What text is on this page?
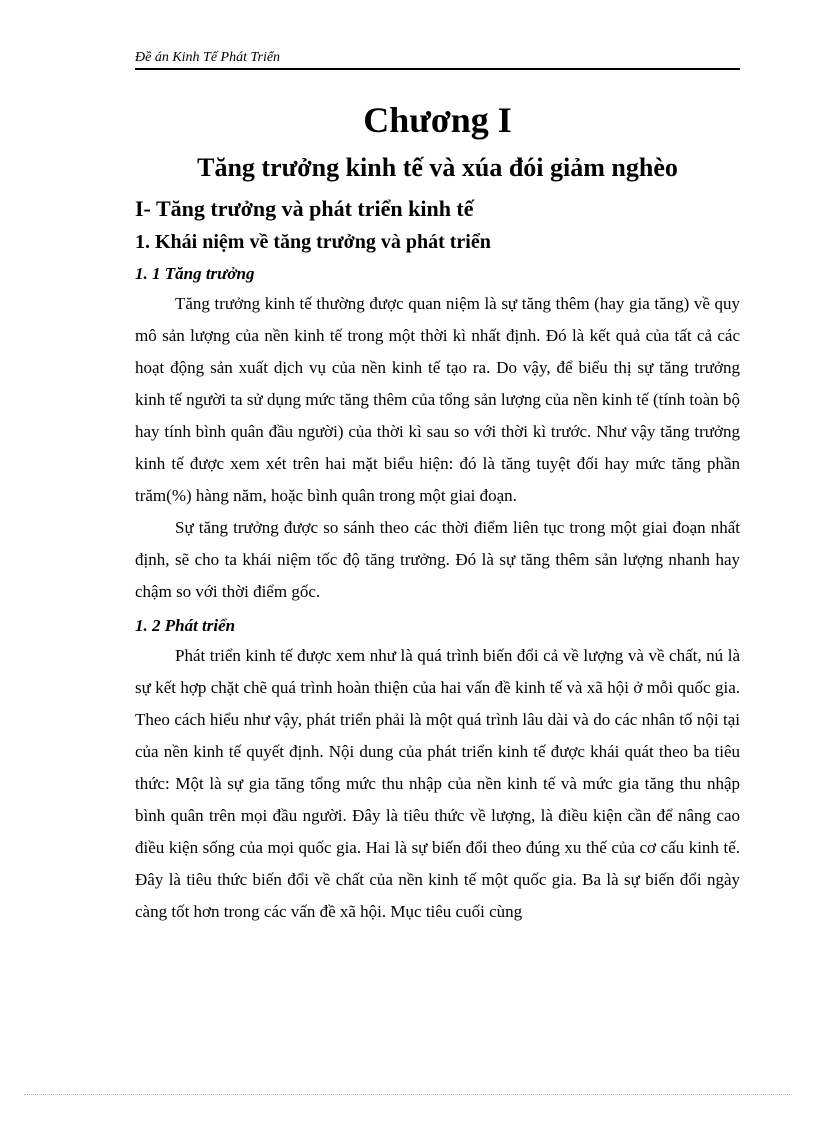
Đề án Kinh Tế Phát Triển
Chương I
Tăng trưởng kinh tế và xúa đói giảm nghèo
I- Tăng trưởng và phát triển kinh tế
1. Khái niệm về tăng trưởng và phát triển
1. 1 Tăng trưởng

Tăng trưởng kinh tế thường được quan niệm là sự tăng thêm (hay gia tăng) về quy mô sản lượng của nền kinh tế trong một thời kì nhất định. Đó là kết quả của tất cả các hoạt động sản xuất dịch vụ của nền kinh tế tạo ra. Do vậy, để biểu thị sự tăng trưởng kinh tế người ta sử dụng mức tăng thêm của tổng sản lượng của nền kinh tế (tính toàn bộ hay tính bình quân đầu người) của thời kì sau so với thời kì trước. Như vậy tăng trưởng kinh tế được xem xét trên hai mặt biểu hiện: đó là tăng tuyệt đối hay mức tăng phần trăm(%) hàng năm, hoặc bình quân trong một giai đoạn.

Sự tăng trưởng được so sánh theo các thời điểm liên tục trong một giai đoạn nhất định, sẽ cho ta khái niệm tốc độ tăng trưởng. Đó là sự tăng thêm sản lượng nhanh hay chậm so với thời điểm gốc.

1. 2 Phát triển

Phát triển kinh tế được xem như là quá trình biến đổi cả về lượng và về chất, nú là sự kết hợp chặt chẽ quá trình hoàn thiện của hai vấn đề kinh tế và xã hội ở mỗi quốc gia. Theo cách hiểu như vậy, phát triển phải là một quá trình lâu dài và do các nhân tố nội tại của nền kinh tế quyết định. Nội dung của phát triển kinh tế được khái quát theo ba tiêu thức: Một là sự gia tăng tổng mức thu nhập của nền kinh tế và mức gia tăng thu nhập bình quân trên mọi đầu người. Đây là tiêu thức về lượng, là điều kiện cần để nâng cao điều kiện sống của mọi quốc gia. Hai là sự biến đổi theo đúng xu thế của cơ cấu kinh tế. Đây là tiêu thức biến đổi về chất của nền kinh tế một quốc gia. Ba là sự biến đổi ngày càng tốt hơn trong các vấn đề xã hội. Mục tiêu cuối cùng
